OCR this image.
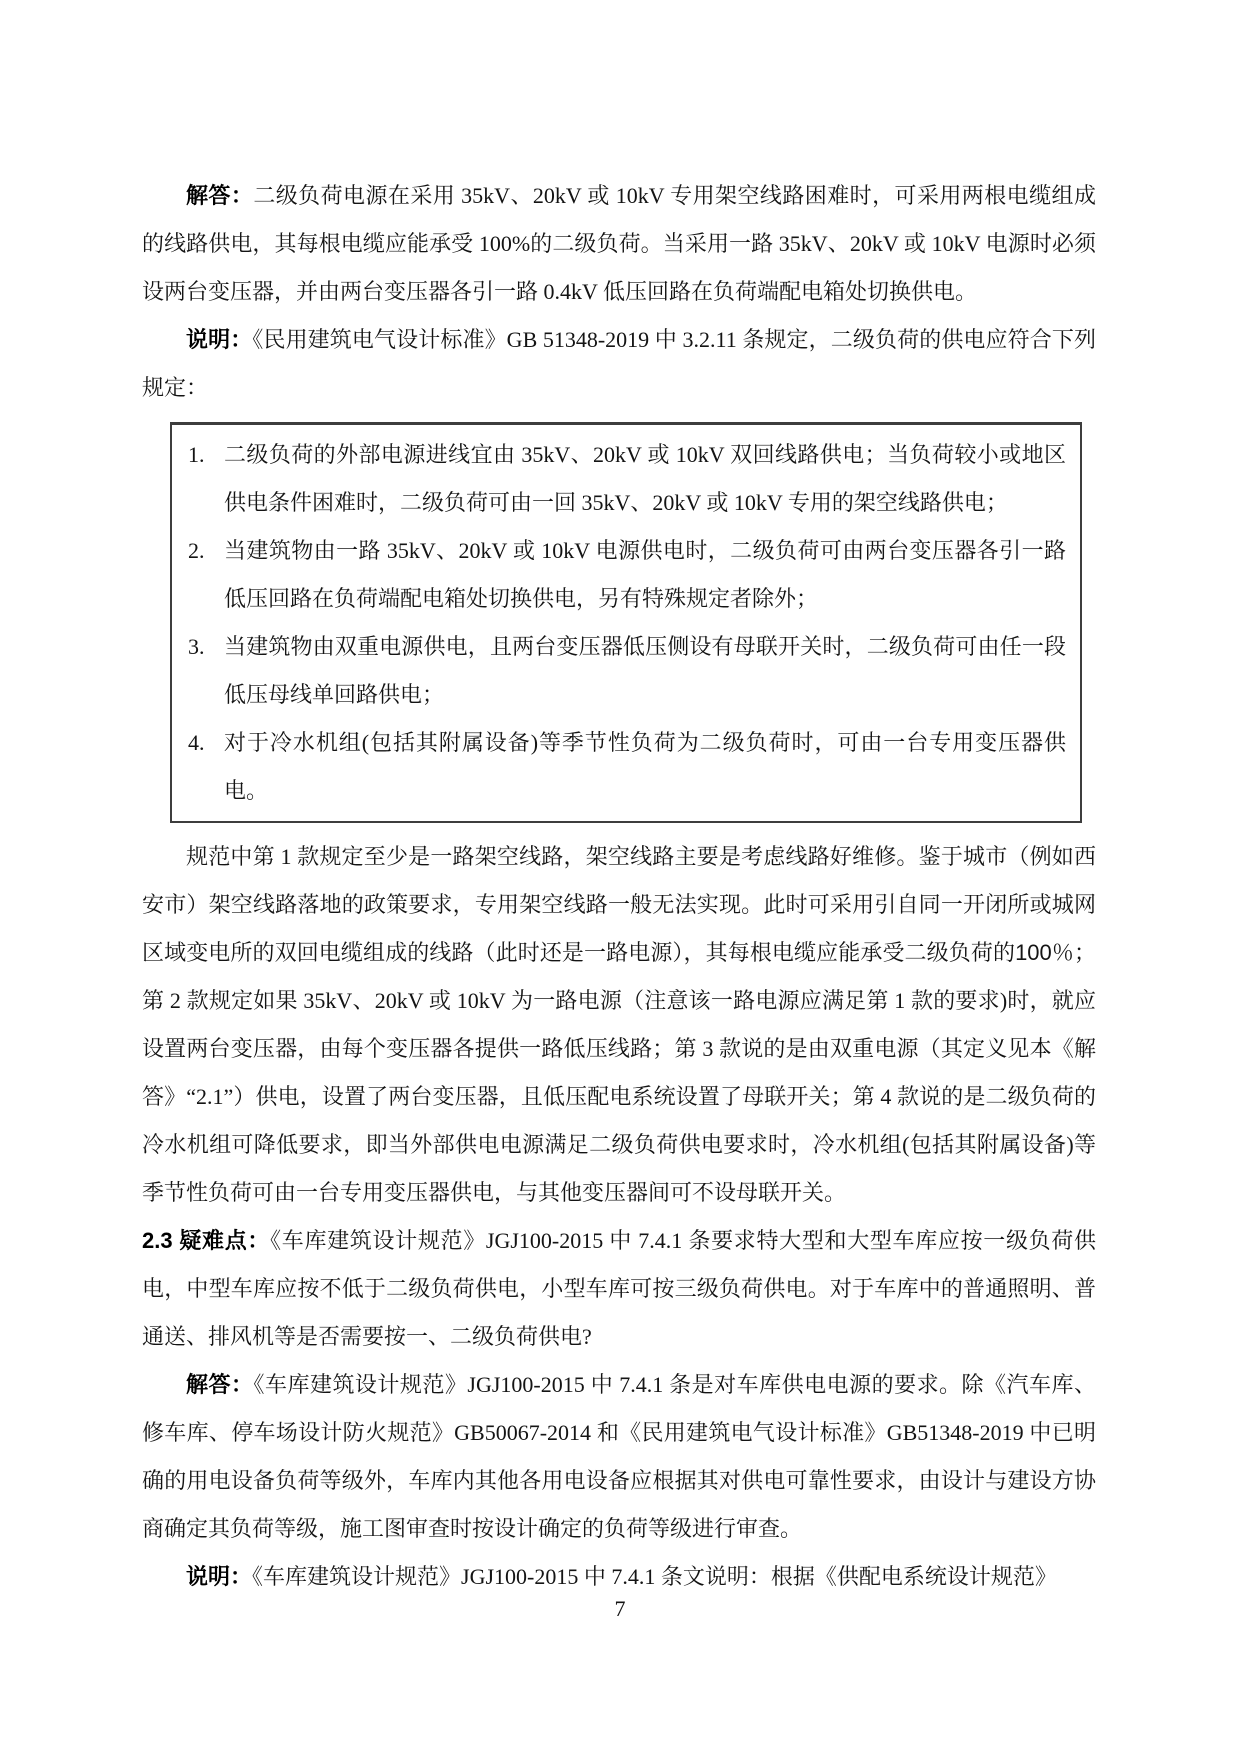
解答：二级负荷电源在采用 35kV、20kV 或 10kV 专用架空线路困难时，可采用两根电缆组成的线路供电，其每根电缆应能承受 100%的二级负荷。当采用一路 35kV、20kV 或 10kV 电源时必须设两台变压器，并由两台变压器各引一路 0.4kV 低压回路在负荷端配电箱处切换供电。

说明：《民用建筑电气设计标准》GB 51348-2019 中 3.2.11 条规定，二级负荷的供电应符合下列规定：

1. 二级负荷的外部电源进线宜由 35kV、20kV 或 10kV 双回线路供电；当负荷较小或地区供电条件困难时，二级负荷可由一回 35kV、20kV 或 10kV 专用的架空线路供电；
2. 当建筑物由一路 35kV、20kV 或 10kV 电源供电时，二级负荷可由两台变压器各引一路低压回路在负荷端配电箱处切换供电，另有特殊规定者除外；
3. 当建筑物由双重电源供电，且两台变压器低压侧设有母联开关时，二级负荷可由任一段低压母线单回路供电；
4. 对于冷水机组(包括其附属设备)等季节性负荷为二级负荷时，可由一台专用变压器供电。

规范中第 1 款规定至少是一路架空线路，架空线路主要是考虑线路好维修。鉴于城市（例如西安市）架空线路落地的政策要求，专用架空线路一般无法实现。此时可采用引自同一开闭所或城网区域变电所的双回电缆组成的线路（此时还是一路电源），其每根电缆应能承受二级负荷的100％；第 2 款规定如果 35kV、20kV 或 10kV 为一路电源（注意该一路电源应满足第 1 款的要求)时，就应设置两台变压器，由每个变压器各提供一路低压线路；第 3 款说的是由双重电源（其定义见本《解答》“2.1”）供电，设置了两台变压器，且低压配电系统设置了母联开关；第 4 款说的是二级负荷的冷水机组可降低要求，即当外部供电电源满足二级负荷供电要求时，冷水机组(包括其附属设备)等季节性负荷可由一台专用变压器供电，与其他变压器间可不设母联开关。

2.3 疑难点：《车库建筑设计规范》JGJ100-2015 中 7.4.1 条要求特大型和大型车库应按一级负荷供电，中型车库应按不低于二级负荷供电，小型车库可按三级负荷供电。对于车库中的普通照明、普通送、排风机等是否需要按一、二级负荷供电?

解答：《车库建筑设计规范》JGJ100-2015 中 7.4.1 条是对车库供电电源的要求。除《汽车库、修车库、停车场设计防火规范》GB50067-2014 和《民用建筑电气设计标准》GB51348-2019 中已明确的用电设备负荷等级外，车库内其他各用电设备应根据其对供电可靠性要求，由设计与建设方协商确定其负荷等级，施工图审查时按设计确定的负荷等级进行审查。

说明：《车库建筑设计规范》JGJ100-2015 中 7.4.1 条文说明：根据《供配电系统设计规范》

7
